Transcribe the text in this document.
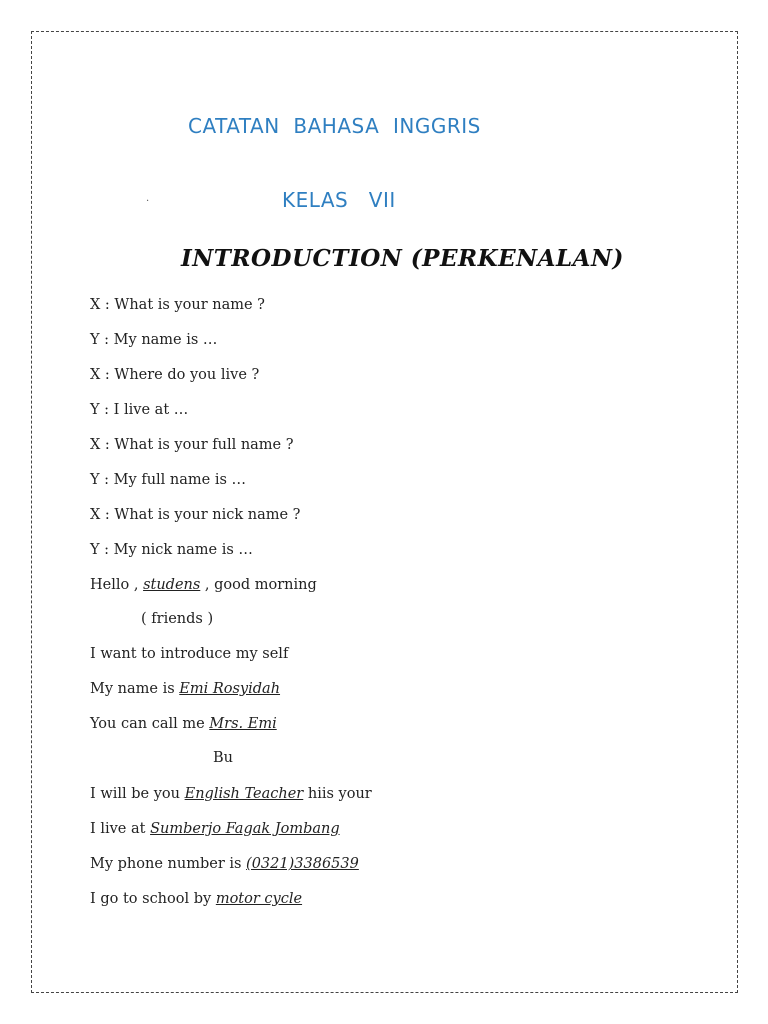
CATATAN  BAHASA  INGGRIS
.	KELAS   VII
INTRODUCTION (PERKENALAN)
X : What is your name ?
Y : My name is …
X : Where do you live ?
Y : I live at …
X : What is your full name ?
Y : My full name is …
X : What is your nick name ?
Y : My nick name is …
Hello , studens , good morning
( friends )
I want to introduce my self
My name is Emi Rosyidah
You can call me Mrs. Emi
Bu
I will be you English Teacher hiis your
I live at Sumberjo Fagak Jombang
My phone number is (0321)3386539
I go to school by motor cycle
